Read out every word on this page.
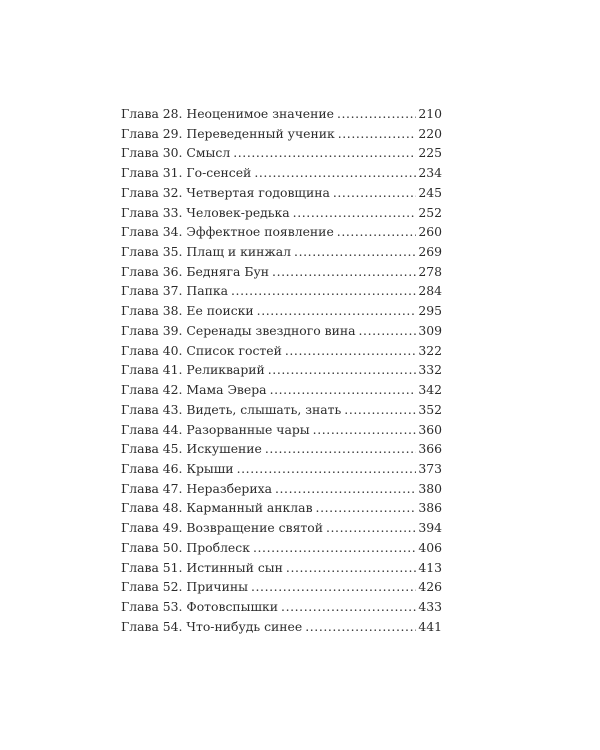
Глава 28. Неоценимое значение .....	210
Глава 29. Переведенный ученик .....	220
Глава 30. Смысл .....	225
Глава 31. Го-сенсей .....	234
Глава 32. Четвертая годовщина .....	245
Глава 33. Человек-редька .....	252
Глава 34. Эффектное появление .....	260
Глава 35. Плащ и кинжал .....	269
Глава 36. Бедняга Бун .....	278
Глава 37. Папка .....	284
Глава 38. Ее поиски .....	295
Глава 39. Серенады звездного вина .....	309
Глава 40. Список гостей .....	322
Глава 41. Реликварий .....	332
Глава 42. Мама Эвера .....	342
Глава 43. Видеть, слышать, знать .....	352
Глава 44. Разорванные чары .....	360
Глава 45. Искушение .....	366
Глава 46. Крыши .....	373
Глава 47. Неразбериха .....	380
Глава 48. Карманный анклав .....	386
Глава 49. Возвращение святой .....	394
Глава 50. Проблеск .....	406
Глава 51. Истинный сын .....	413
Глава 52. Причины .....	426
Глава 53. Фотовспышки .....	433
Глава 54. Что-нибудь синее .....	441
